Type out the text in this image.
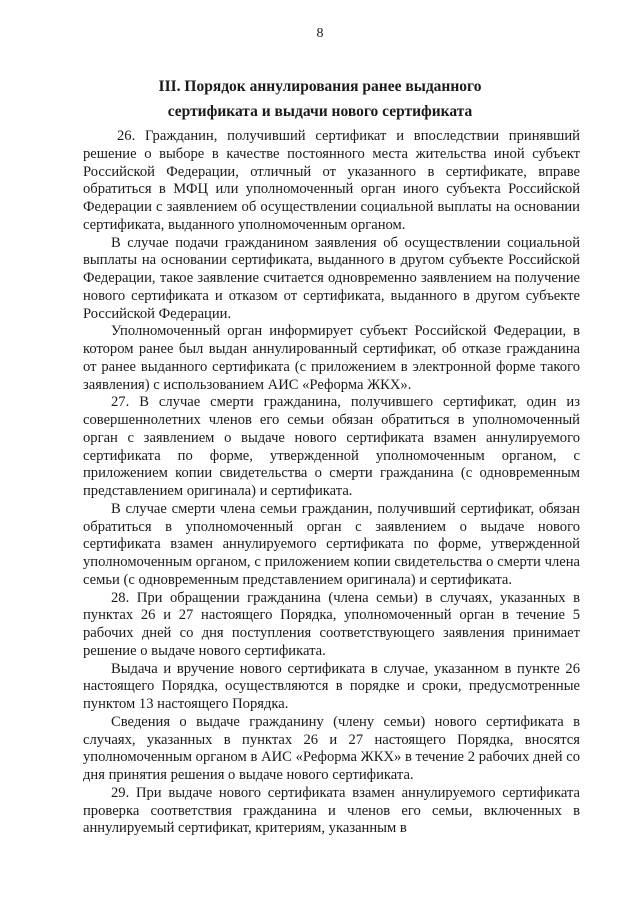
8
III. Порядок аннулирования ранее выданного
сертификата и выдачи нового сертификата

26. Гражданин, получивший сертификат и впоследствии принявший решение о выборе в качестве постоянного места жительства иной субъект Российской Федерации, отличный от указанного в сертификате, вправе обратиться в МФЦ или уполномоченный орган иного субъекта Российской Федерации с заявлением об осуществлении социальной выплаты на основании сертификата, выданного уполномоченным органом.

В случае подачи гражданином заявления об осуществлении социальной выплаты на основании сертификата, выданного в другом субъекте Российской Федерации, такое заявление считается одновременно заявлением на получение нового сертификата и отказом от сертификата, выданного в другом субъекте Российской Федерации.

Уполномоченный орган информирует субъект Российской Федерации, в котором ранее был выдан аннулированный сертификат, об отказе гражданина от ранее выданного сертификата (с приложением в электронной форме такого заявления) с использованием АИС «Реформа ЖКХ».

27. В случае смерти гражданина, получившего сертификат, один из совершеннолетних членов его семьи обязан обратиться в уполномоченный орган с заявлением о выдаче нового сертификата взамен аннулируемого сертификата по форме, утвержденной уполномоченным органом, с приложением копии свидетельства о смерти гражданина (с одновременным представлением оригинала) и сертификата.

В случае смерти члена семьи гражданин, получивший сертификат, обязан обратиться в уполномоченный орган с заявлением о выдаче нового сертификата взамен аннулируемого сертификата по форме, утвержденной уполномоченным органом, с приложением копии свидетельства о смерти члена семьи (с одновременным представлением оригинала) и сертификата.

28. При обращении гражданина (члена семьи) в случаях, указанных в пунктах 26 и 27 настоящего Порядка, уполномоченный орган в течение 5 рабочих дней со дня поступления соответствующего заявления принимает решение о выдаче нового сертификата.

Выдача и вручение нового сертификата в случае, указанном в пункте 26 настоящего Порядка, осуществляются в порядке и сроки, предусмотренные пунктом 13 настоящего Порядка.

Сведения о выдаче гражданину (члену семьи) нового сертификата в случаях, указанных в пунктах 26 и 27 настоящего Порядка, вносятся уполномоченным органом в АИС «Реформа ЖКХ» в течение 2 рабочих дней со дня принятия решения о выдаче нового сертификата.

29. При выдаче нового сертификата взамен аннулируемого сертификата проверка соответствия гражданина и членов его семьи, включенных в аннулируемый сертификат, критериям, указанным в
